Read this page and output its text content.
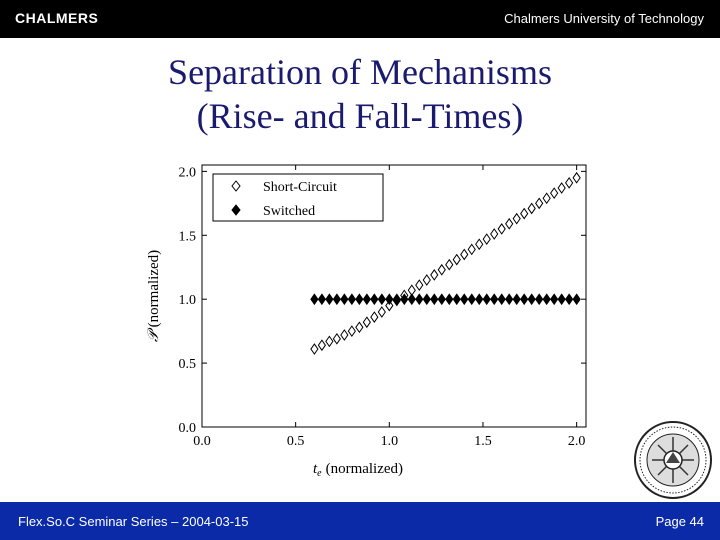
CHALMERS	Chalmers University of Technology
Separation of Mechanisms
(Rise- and Fall-Times)
0.0	0.5	1.0	1.5	2.0
0.0
0.5
1.0
1.5
2.0
Short-Circuit
Switched
$t_e$ (normalized)
𝒫(normalized)
Flex.So.C Seminar Series – 2004-03-15	Page 44
